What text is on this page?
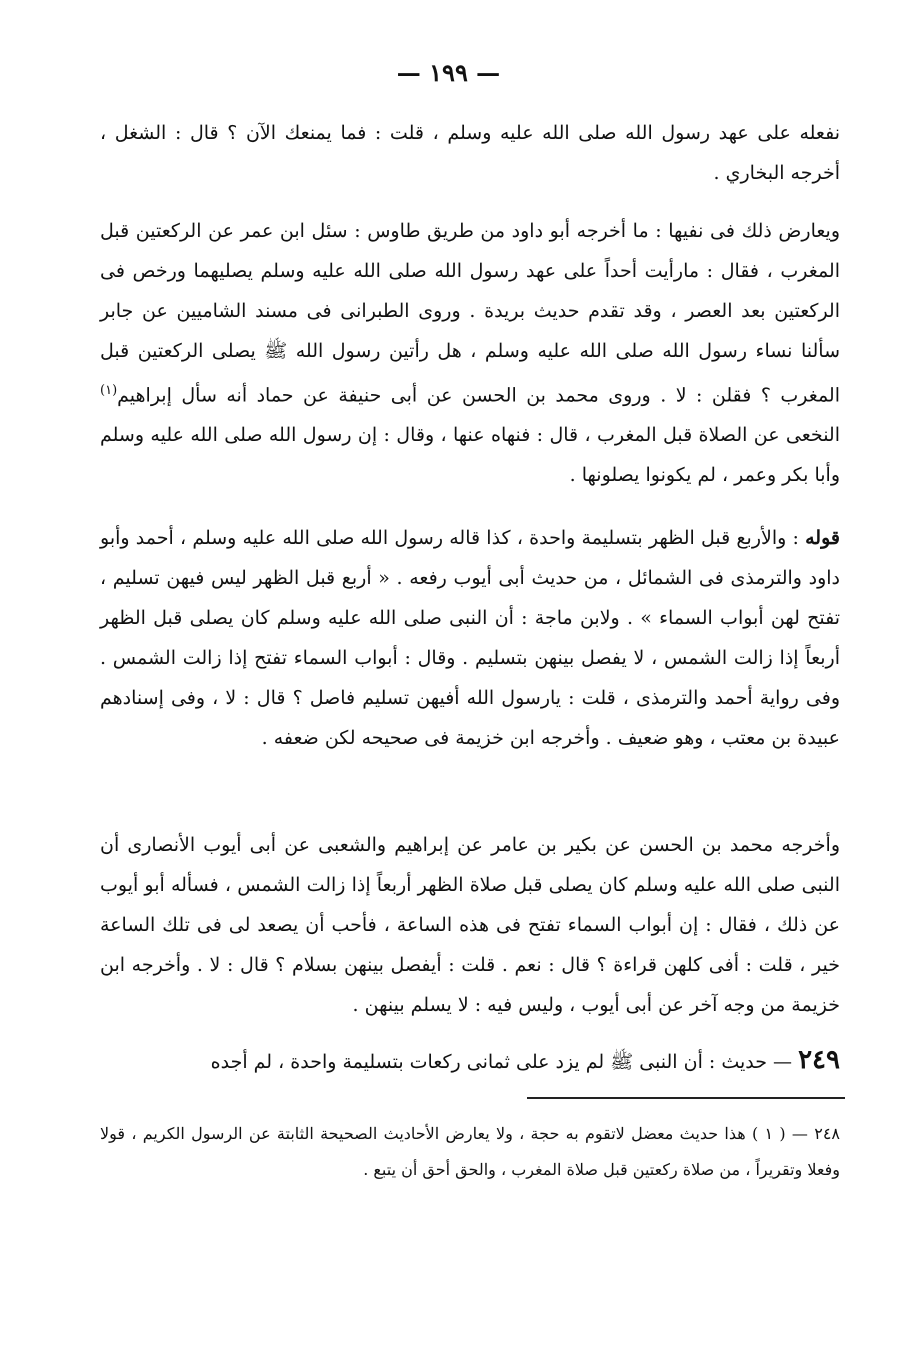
— ١٩٩ —

نفعله على عهد رسول الله صلى الله عليه وسلم ، قلت : فما يمنعك الآن ؟ قال : الشغل ، أخرجه البخاري .

ويعارض ذلك فى نفيها : ما أخرجه أبو داود من طريق طاوس : سئل ابن عمر عن الركعتين قبل المغرب ، فقال : مارأيت أحداً على عهد رسول الله صلى الله عليه وسلم يصليهما ورخص فى الركعتين بعد العصر ، وقد تقدم حديث بريدة . وروى الطبرانى فى مسند الشاميين عن جابر سألنا نساء رسول الله صلى الله عليه وسلم ، هل رأتين رسول الله ﷺ يصلى الركعتين قبل المغرب ؟ فقلن : لا . وروى محمد بن الحسن عن أبى حنيفة عن حماد أنه سأل إبراهيم$^{(١)}$ النخعى عن الصلاة قبل المغرب ، قال : فنهاه عنها ، وقال : إن رسول الله صلى الله عليه وسلم وأبا بكر وعمر ، لم يكونوا يصلونها .

قوله : والأربع قبل الظهر بتسليمة واحدة ، كذا قاله رسول الله صلى الله عليه وسلم ، أحمد وأبو داود والترمذى فى الشمائل ، من حديث أبى أيوب رفعه . « أربع قبل الظهر ليس فيهن تسليم ، تفتح لهن أبواب السماء » . ولابن ماجة : أن النبى صلى الله عليه وسلم كان يصلى قبل الظهر أربعاً إذا زالت الشمس ، لا يفصل بينهن بتسليم . وقال : أبواب السماء تفتح إذا زالت الشمس . وفى رواية أحمد والترمذى ، قلت : يارسول الله أفيهن تسليم فاصل ؟ قال : لا ، وفى إسنادهم عبيدة بن معتب ، وهو ضعيف . وأخرجه ابن خزيمة فى صحيحه لكن ضعفه .

وأخرجه محمد بن الحسن عن بكير بن عامر عن إبراهيم والشعبى عن أبى أيوب الأنصارى أن النبى صلى الله عليه وسلم كان يصلى قبل صلاة الظهر أربعاً إذا زالت الشمس ، فسأله أبو أيوب عن ذلك ، فقال : إن أبواب السماء تفتح فى هذه الساعة ، فأحب أن يصعد لى فى تلك الساعة خير ، قلت : أفى كلهن قراءة ؟ قال : نعم . قلت : أيفصل بينهن بسلام ؟ قال : لا . وأخرجه ابن خزيمة من وجه آخر عن أبى أيوب ، وليس فيه : لا يسلم بينهن .

٢٤٩ — حديث : أن النبى ﷺ لم يزد على ثمانى ركعات بتسليمة واحدة ، لم أجده

٢٤٨ — ( ١ ) هذا حديث معضل لاتقوم به حجة ، ولا يعارض الأحاديث الصحيحة الثابتة عن الرسول الكريم ، قولا وفعلا وتقريراً ، من صلاة ركعتين قبل صلاة المغرب ، والحق أحق أن يتبع .
